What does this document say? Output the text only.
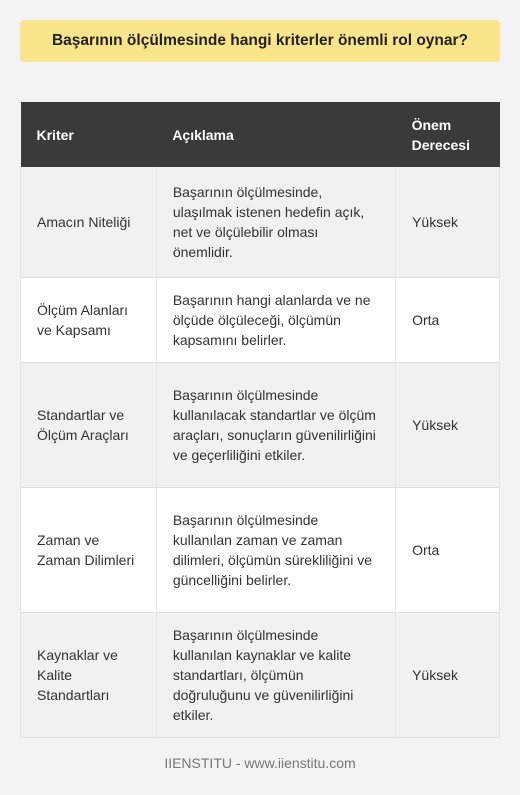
Başarının ölçülmesinde hangi kriterler önemli rol oynar?
Kriter	Açıklama	Önem Derecesi
Amacın Niteliği	Başarının ölçülmesinde, ulaşılmak istenen hedefin açık, net ve ölçülebilir olması önemlidir.	Yüksek
Ölçüm Alanları ve Kapsamı	Başarının hangi alanlarda ve ne ölçüde ölçüleceği, ölçümün kapsamını belirler.	Orta
Standartlar ve Ölçüm Araçları	Başarının ölçülmesinde kullanılacak standartlar ve ölçüm araçları, sonuçların güvenilirliğini ve geçerliliğini etkiler.	Yüksek
Zaman ve Zaman Dilimleri	Başarının ölçülmesinde kullanılan zaman ve zaman dilimleri, ölçümün sürekliliğini ve güncelliğini belirler.	Orta
Kaynaklar ve Kalite Standartları	Başarının ölçülmesinde kullanılan kaynaklar ve kalite standartları, ölçümün doğruluğunu ve güvenilirliğini etkiler.	Yüksek
IIENSTITU - www.iienstitu.com
